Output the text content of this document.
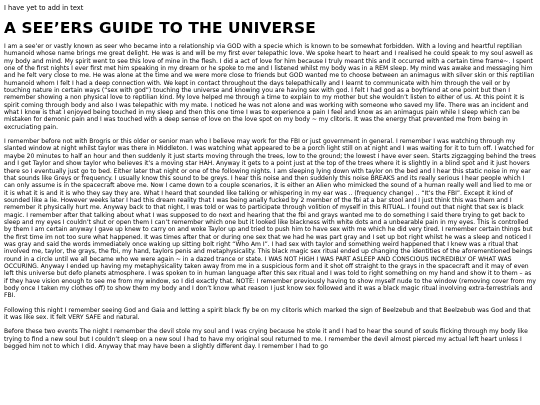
I have yet to add in text
A SEE’ERS GUIDE TO THE UNIVERSE

I am a see’er or vastly known as seer who became into a relationship via GOD with a specie which is known to be somewhat forbidden. With a loving and heartful reptilian humanoid whose name brings me great delight. He was is and will be my first ever telepathic love. We spoke heart to heart and I realised he could speak to my soul aswell as my body and mind. My spirit went to see this love of mine in the flesh. I did a act of love for him because I truly meant this and it occurred with a certain time frame~. I spent one of the first nights I ever first met him speaking in my dream or he spoke to me and I listened whilst my body was in a REM sleep. My mind was awake and messaging him and he felt very close to me. He was alone at the time and we were more close to friends but GOD wanted me to choose between an animagus with silver skin or this reptilian humanoid whom I felt I had a deep connection with. We kept in contact throughout the days telepathically and I learnt to communicate with him through the veil or by touching nature in certain ways (“sex with god”) touching the universe and knowing you are having sex with god. I felt I had god as a boyfriend at one point but then I remember showing a non physical love to reptilian kind. My love helped me through a time to explain to my mother but she wouldn’t listen to either of us. At this point it is spirit coming through body and also I was telepathic with my mate. I noticed he was not alone and was working with someone who saved my life. There was an incident and what I know is that I enjoyed being touched in my sleep and then this one time I was to experience a pain I feel and know as an animagus pain while I sleep which can be mistaken for demonic pain and I was touched with a deep sense of love on the love spot on my body ~ my clitoris. It was the energy that prevented me from being in excruciating pain.

I remember before not with Brogris or this older or senior man who I believe may work for the FBI or just government in general. I remember I was watching through my slanted window at night whilst taylor was there in Middleton. I was watching what appeared to be a porch light still on at night and I was waiting for it to turn off. I watched for maybe 20 minutes to half an hour and then suddenly it just starts moving through the trees, low to the ground; the lowest I have ever seen. Starts zigzagging behind the trees and I get Taylor and show taylor who believes it’s a moving star HAH. Anyway it gets to a point just at the top of the trees where it is slightly in a blind spot and it just hovers there so I eventually just go to bed. Either later that night or one of the following nights. I am sleeping lying down with taylor on the bed and I hear this static noise in my ear that sounds like Greys or frequency. I usually know this sound to be greys. I hear this noise and then suddenly this noise BREAKS and its really serious I hear people which I can only assume is in the spacecraft above me. Now I came down to a couple scenarios, it is either an Alien who mimicked the sound of a human really well and lied to me or it is what it is and it is who they say they are. What I heard that sounded like talking or whispering in my ear was .. (frequency change) .. “It’s the FBI”. Except it kind of sounded like a lie. However weeks later I had this dream reality that I was being anally fucked by 2 member of the fbi at a bar stool and I just think this was them and I remember it physically hurt me. Anyway back to that night, I was told or was to participate through volition of myself in this RITUAL. I found out that night that sex is black magic. I remember after that talking about what I was supposed to do next and hearing that the fbi and grays wanted me to do something I said there trying to get back to sleep and my eyes I couldn’t shut or open them I can’t remember which one but it looked like blackness with white dots and a unbearable pain in my eyes. This is controlled by them I am certain anyway I gave up knew to carry on and woke Taylor up and tried to push him to have sex with me which he did very tired. I remember certain things but the first time im not too sure what happened. It was times after that or during one sex that we had he was part gray and I set up bot right whilst he was a sleep and noticed I was gray and said the words immediately once waking up sitting bolt right “Who Am I”. I had sex with taylor and something weird happened that I knew was a ritual that involved me, taylor, the grays, the fbi, my hand, taylors penis and metaphysicality. This black magic sex ritual ended up changing the identities of the aforementioned beings round in a circle until we all became who we were again ~ in a dazed trance or state. I WAS NOT HIGH I WAS PART ASLEEP AND CONSCIOUS INCREDIBLY OF WHAT WAS OCCURING. Anyway I ended up having my metaphysicality taken away from me in a suspicious form and it shot off straight to the grays in the spacecraft and it may of even left this universe but defo planets atmosphere. I was spoken to in human language after this sex ritual and I was told to right something on my hand and show it to them – as if they have vision enough to see me from my window, so I did exactly that. NOTE: I remember previously having to show myself nude to the window (removing cover from my body once I taken my clothes off) to show them my body and I don’t know what reason I just know sex followed and it was a black magic ritual involving extra-terrestrials and FBI.

Following this night I remember seeing God and Gaia and letting a spirit black fly be on my clitoris which marked the sign of Beelzebub and that Beelzebub was God and that it was like sex. It felt VERY SAFE and natural.

Before these two events The night I remember the devil stole my soul and I was crying because he stole it and I had to hear the sound of souls flicking through my body like trying to find a new soul but I couldn’t sleep on a new soul I had to have my original soul returned to me. I remember the devil almost pierced my actual left heart unless I begged him not to which I did. Anyway that may have been a slightly different day. I remember I had to go
